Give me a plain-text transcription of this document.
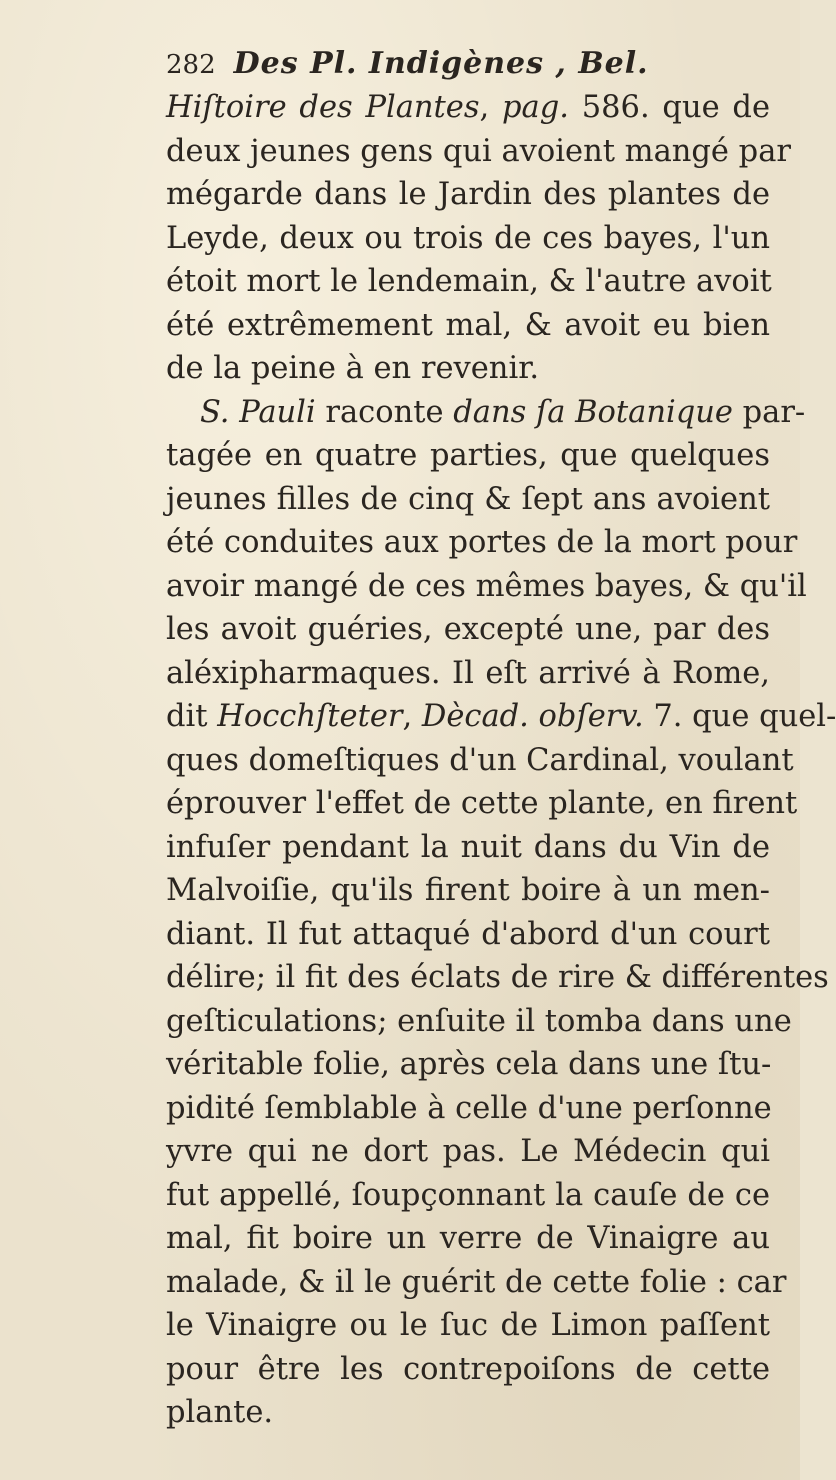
282 Des Pl. Indigènes , Bel.
Hiſtoire des Plantes, pag. 586. que de
deux jeunes gens qui avoient mangé par
mégarde dans le Jardin des plantes de
Leyde, deux ou trois de ces bayes, l'un
étoit mort le lendemain, & l'autre avoit
été extrêmement mal, & avoit eu bien
de la peine à en revenir.
S. Pauli raconte dans ſa Botanique par-
tagée en quatre parties, que quelques
jeunes filles de cinq & ſept ans avoient
été conduites aux portes de la mort pour
avoir mangé de ces mêmes bayes, & qu'il
les avoit guéries, excepté une, par des
aléxipharmaques. Il eſt arrivé à Rome,
dit Hocchſteter, Dècad. obſerv. 7. que quel-
ques domeſtiques d'un Cardinal, voulant
éprouver l'effet de cette plante, en firent
infuſer pendant la nuit dans du Vin de
Malvoiſie, qu'ils firent boire à un men-
diant. Il fut attaqué d'abord d'un court
délire; il fit des éclats de rire & différentes
geſticulations; enſuite il tomba dans une
véritable folie, après cela dans une ſtu-
pidité ſemblable à celle d'une perſonne
yvre qui ne dort pas. Le Médecin qui
fut appellé, ſoupçonnant la cauſe de ce
mal, fit boire un verre de Vinaigre au
malade, & il le guérit de cette folie : car
le Vinaigre ou le ſuc de Limon paſſent
pour être les contrepoiſons de cette
plante.
